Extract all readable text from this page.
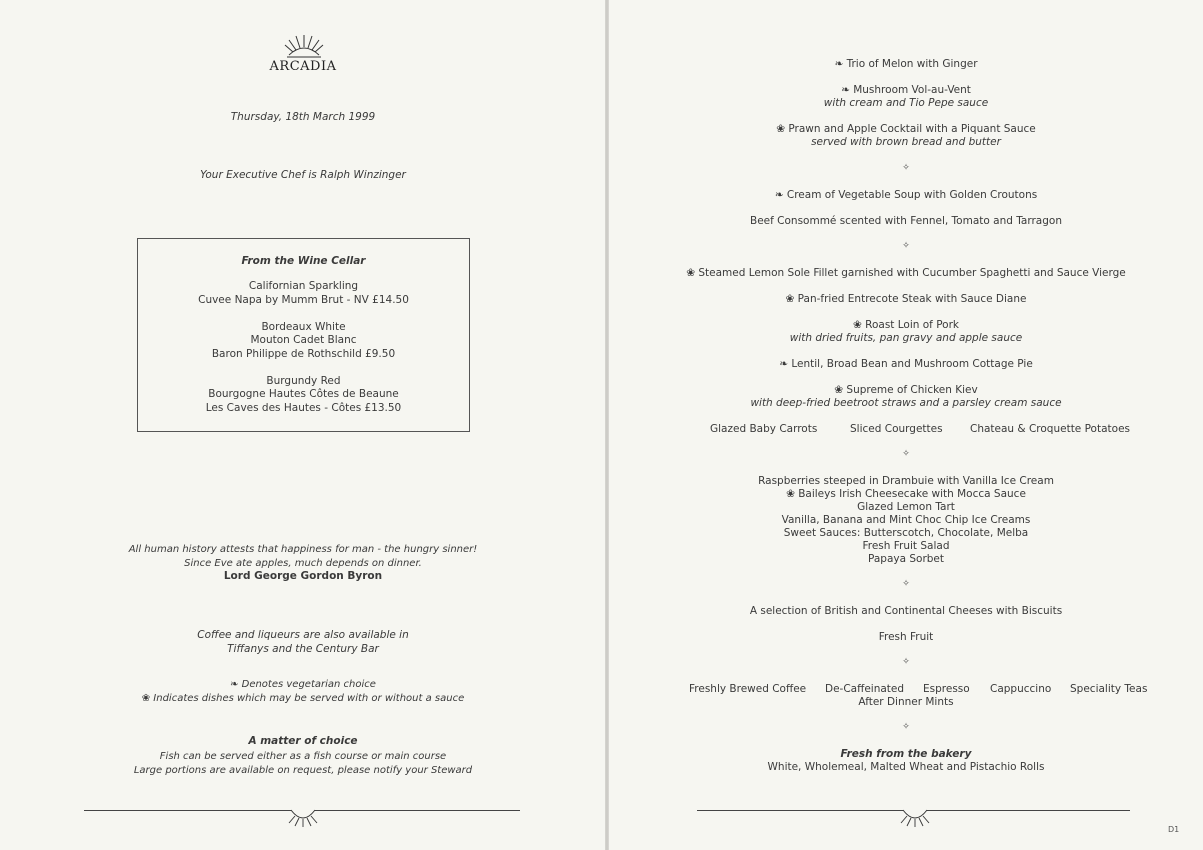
ARCADIA
Thursday, 18th March 1999
Your Executive Chef is Ralph Winzinger
From the Wine Cellar
Californian Sparkling
Cuvee Napa by Mumm Brut - NV £14.50
Bordeaux White
Mouton Cadet Blanc
Baron Philippe de Rothschild £9.50
Burgundy Red
Bourgogne Hautes Côtes de Beaune
Les Caves des Hautes - Côtes £13.50
All human history attests that happiness for man - the hungry sinner!
Since Eve ate apples, much depends on dinner.
Lord George Gordon Byron
Coffee and liqueurs are also available in
Tiffanys and the Century Bar
❧ Denotes vegetarian choice
❀ Indicates dishes which may be served with or without a sauce
A matter of choice
Fish can be served either as a fish course or main course
Large portions are available on request, please notify your Steward
❧ Trio of Melon with Ginger
❧ Mushroom Vol-au-Vent
with cream and Tio Pepe sauce
❀ Prawn and Apple Cocktail with a Piquant Sauce
served with brown bread and butter
✧
❧ Cream of Vegetable Soup with Golden Croutons
Beef Consommé scented with Fennel, Tomato and Tarragon
✧
❀ Steamed Lemon Sole Fillet garnished with Cucumber Spaghetti and Sauce Vierge
❀ Pan-fried Entrecote Steak with Sauce Diane
❀ Roast Loin of Pork
with dried fruits, pan gravy and apple sauce
❧ Lentil, Broad Bean and Mushroom Cottage Pie
❀ Supreme of Chicken Kiev
with deep-fried beetroot straws and a parsley cream sauce
Glazed Baby Carrots	Sliced Courgettes	Chateau & Croquette Potatoes
✧
Raspberries steeped in Drambuie with Vanilla Ice Cream
❀ Baileys Irish Cheesecake with Mocca Sauce
Glazed Lemon Tart
Vanilla, Banana and Mint Choc Chip Ice Creams
Sweet Sauces: Butterscotch, Chocolate, Melba
Fresh Fruit Salad
Papaya Sorbet
✧
A selection of British and Continental Cheeses with Biscuits
Fresh Fruit
✧
Freshly Brewed Coffee De-Caffeinated Espresso Cappuccino Speciality Teas
After Dinner Mints
✧
Fresh from the bakery
White, Wholemeal, Malted Wheat and Pistachio Rolls
D1
